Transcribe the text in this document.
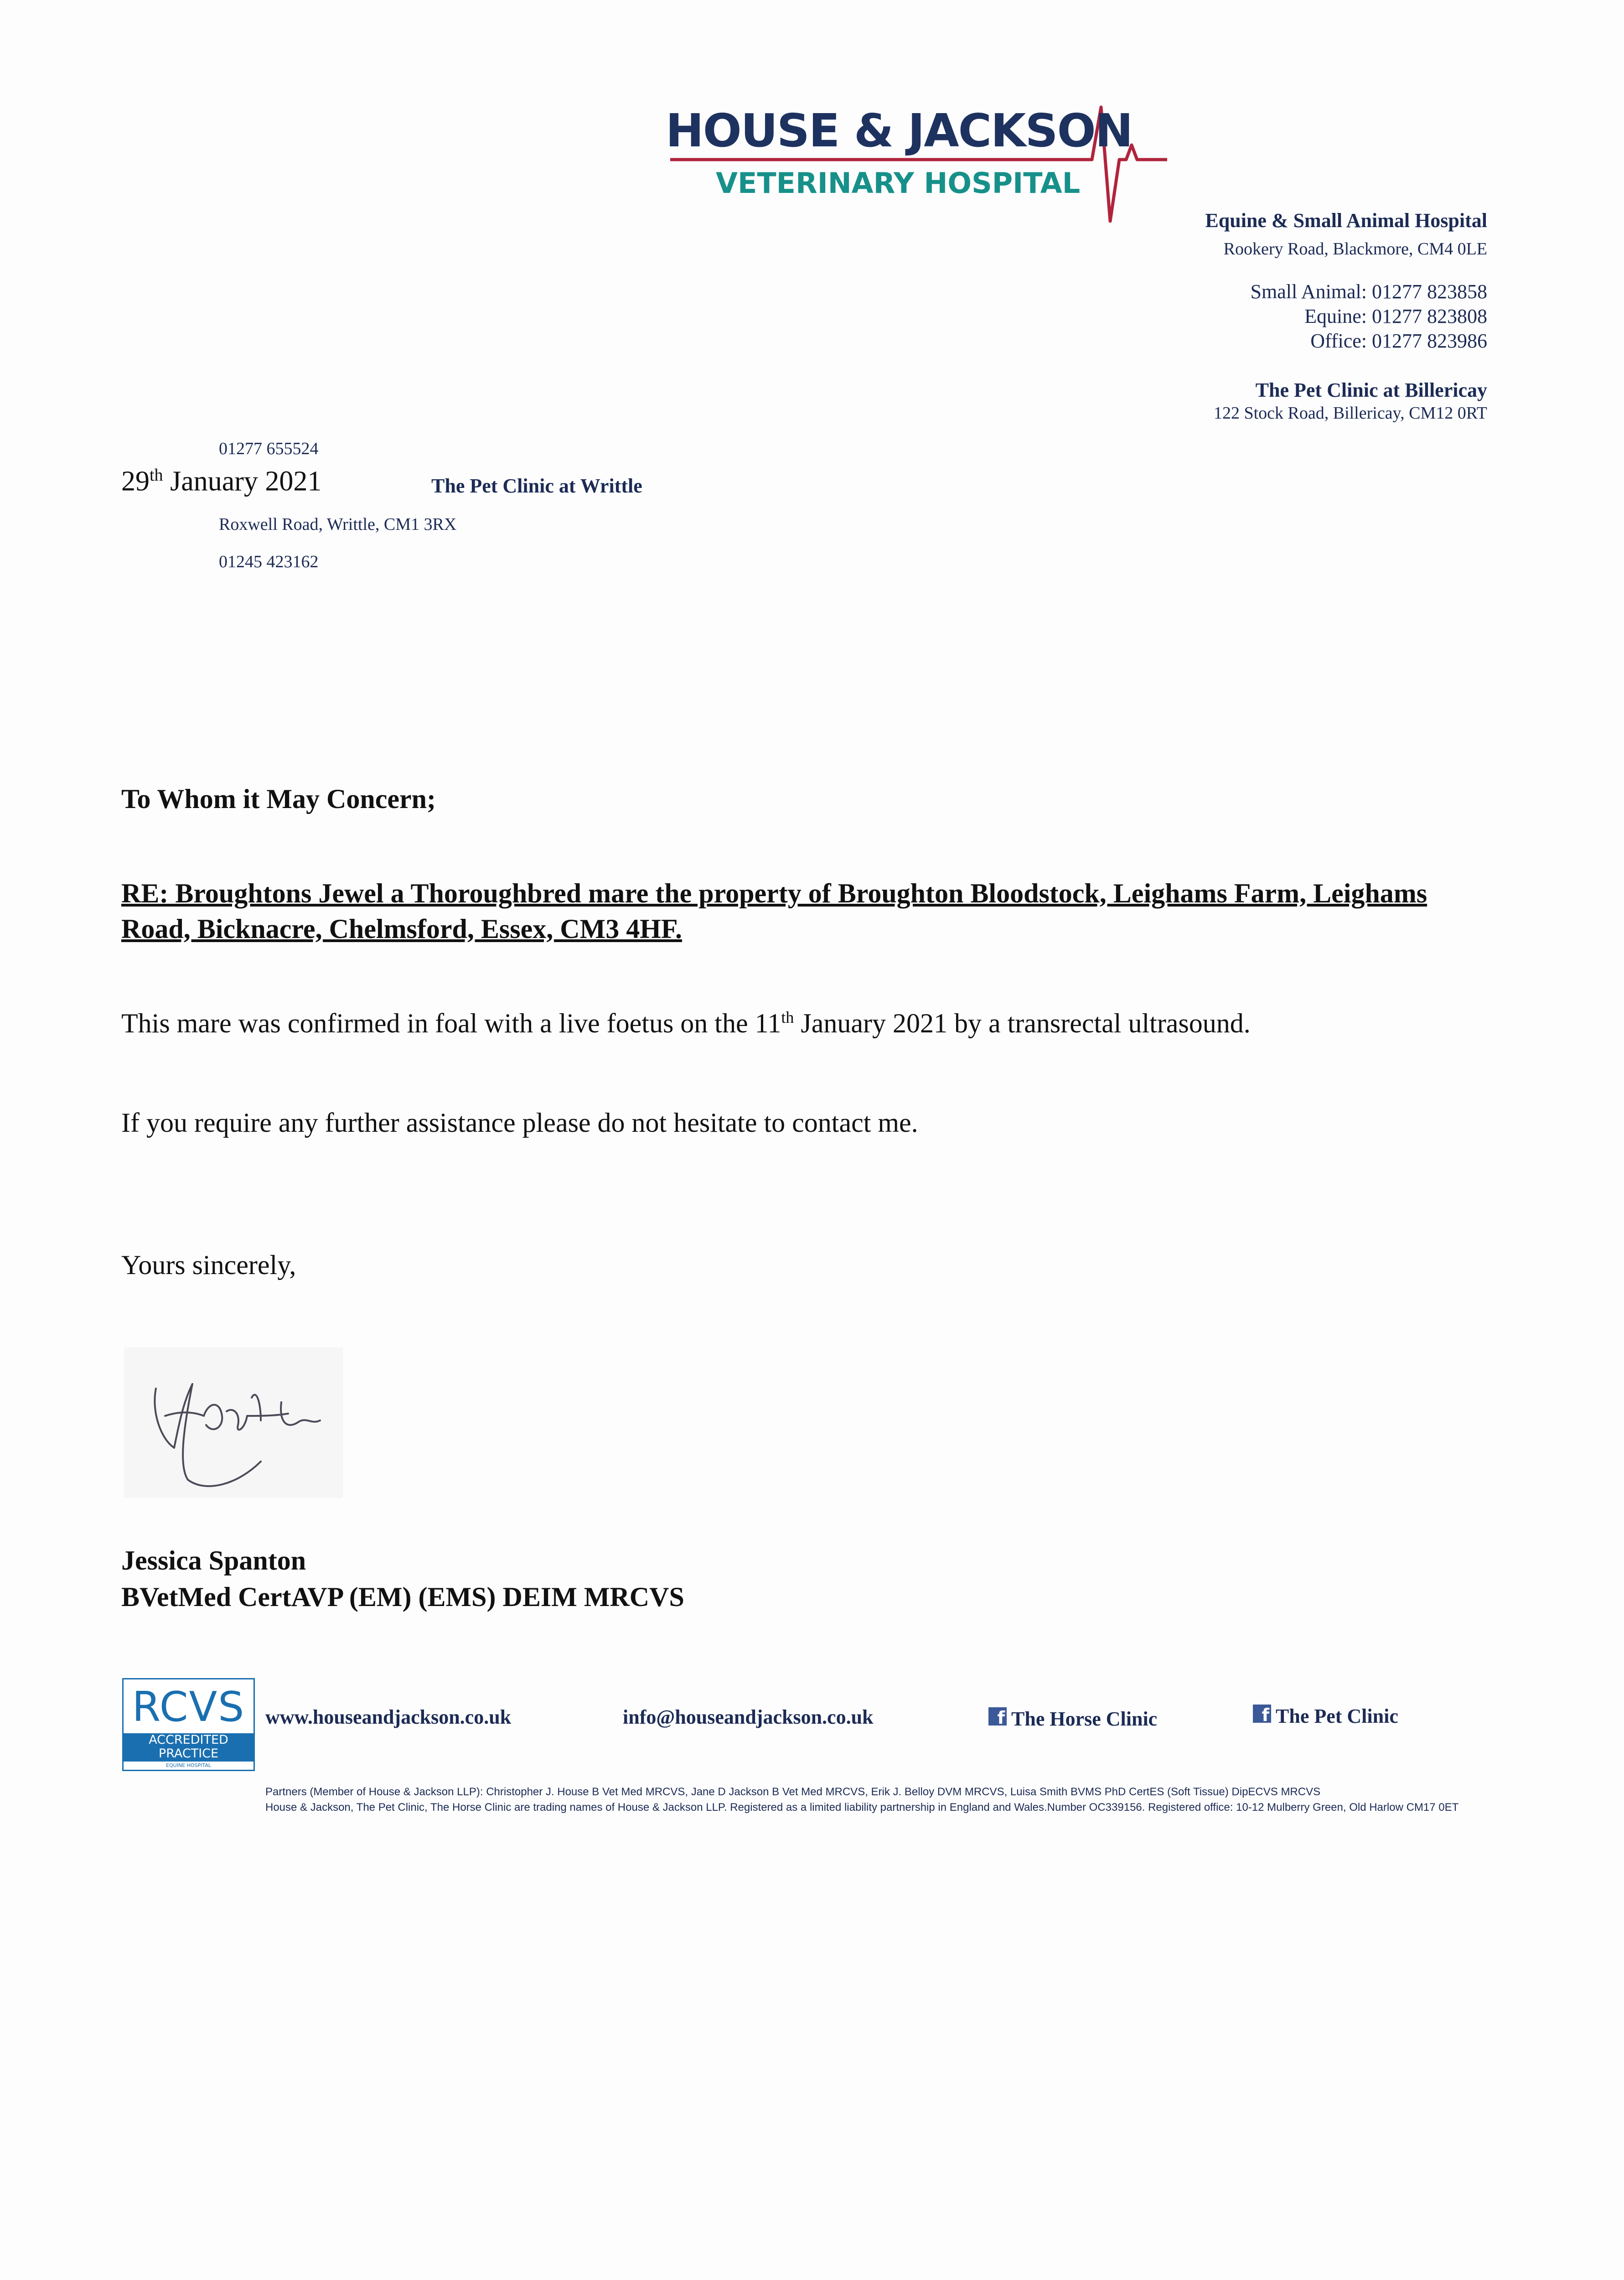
HOUSE & JACKSON
VETERINARY HOSPITAL
Equine & Small Animal Hospital
Rookery Road, Blackmore, CM4 0LE
Small Animal: 01277 823858
Equine: 01277 823808
Office: 01277 823986
The Pet Clinic at Billericay
122 Stock Road, Billericay, CM12 0RT
01277 655524
The Pet Clinic at Writtle
Roxwell Road, Writtle, CM1 3RX
01245 423162
29th January 2021
To Whom it May Concern;
RE: Broughtons Jewel a Thoroughbred mare the property of Broughton Bloodstock, Leighams Farm, Leighams Road, Bicknacre, Chelmsford, Essex, CM3 4HF.
This mare was confirmed in foal with a live foetus on the 11th January 2021 by a transrectal ultrasound.
If you require any further assistance please do not hesitate to contact me.
Yours sincerely,
Jessica Spanton
BVetMed CertAVP (EM) (EMS) DEIM MRCVS
RCVS
ACCREDITED
PRACTICE
EQUINE HOSPITAL
www.houseandjackson.co.uk	info@houseandjackson.co.uk	f The Horse Clinic	f The Pet Clinic
Partners (Member of House & Jackson LLP): Christopher J. House B Vet Med MRCVS, Jane D Jackson B Vet Med MRCVS, Erik J. Belloy DVM MRCVS, Luisa Smith BVMS PhD CertES (Soft Tissue) DipECVS MRCVS
House & Jackson, The Pet Clinic, The Horse Clinic are trading names of House & Jackson LLP. Registered as a limited liability partnership in England and Wales.Number OC339156. Registered office: 10-12 Mulberry Green, Old Harlow CM17 0ET
